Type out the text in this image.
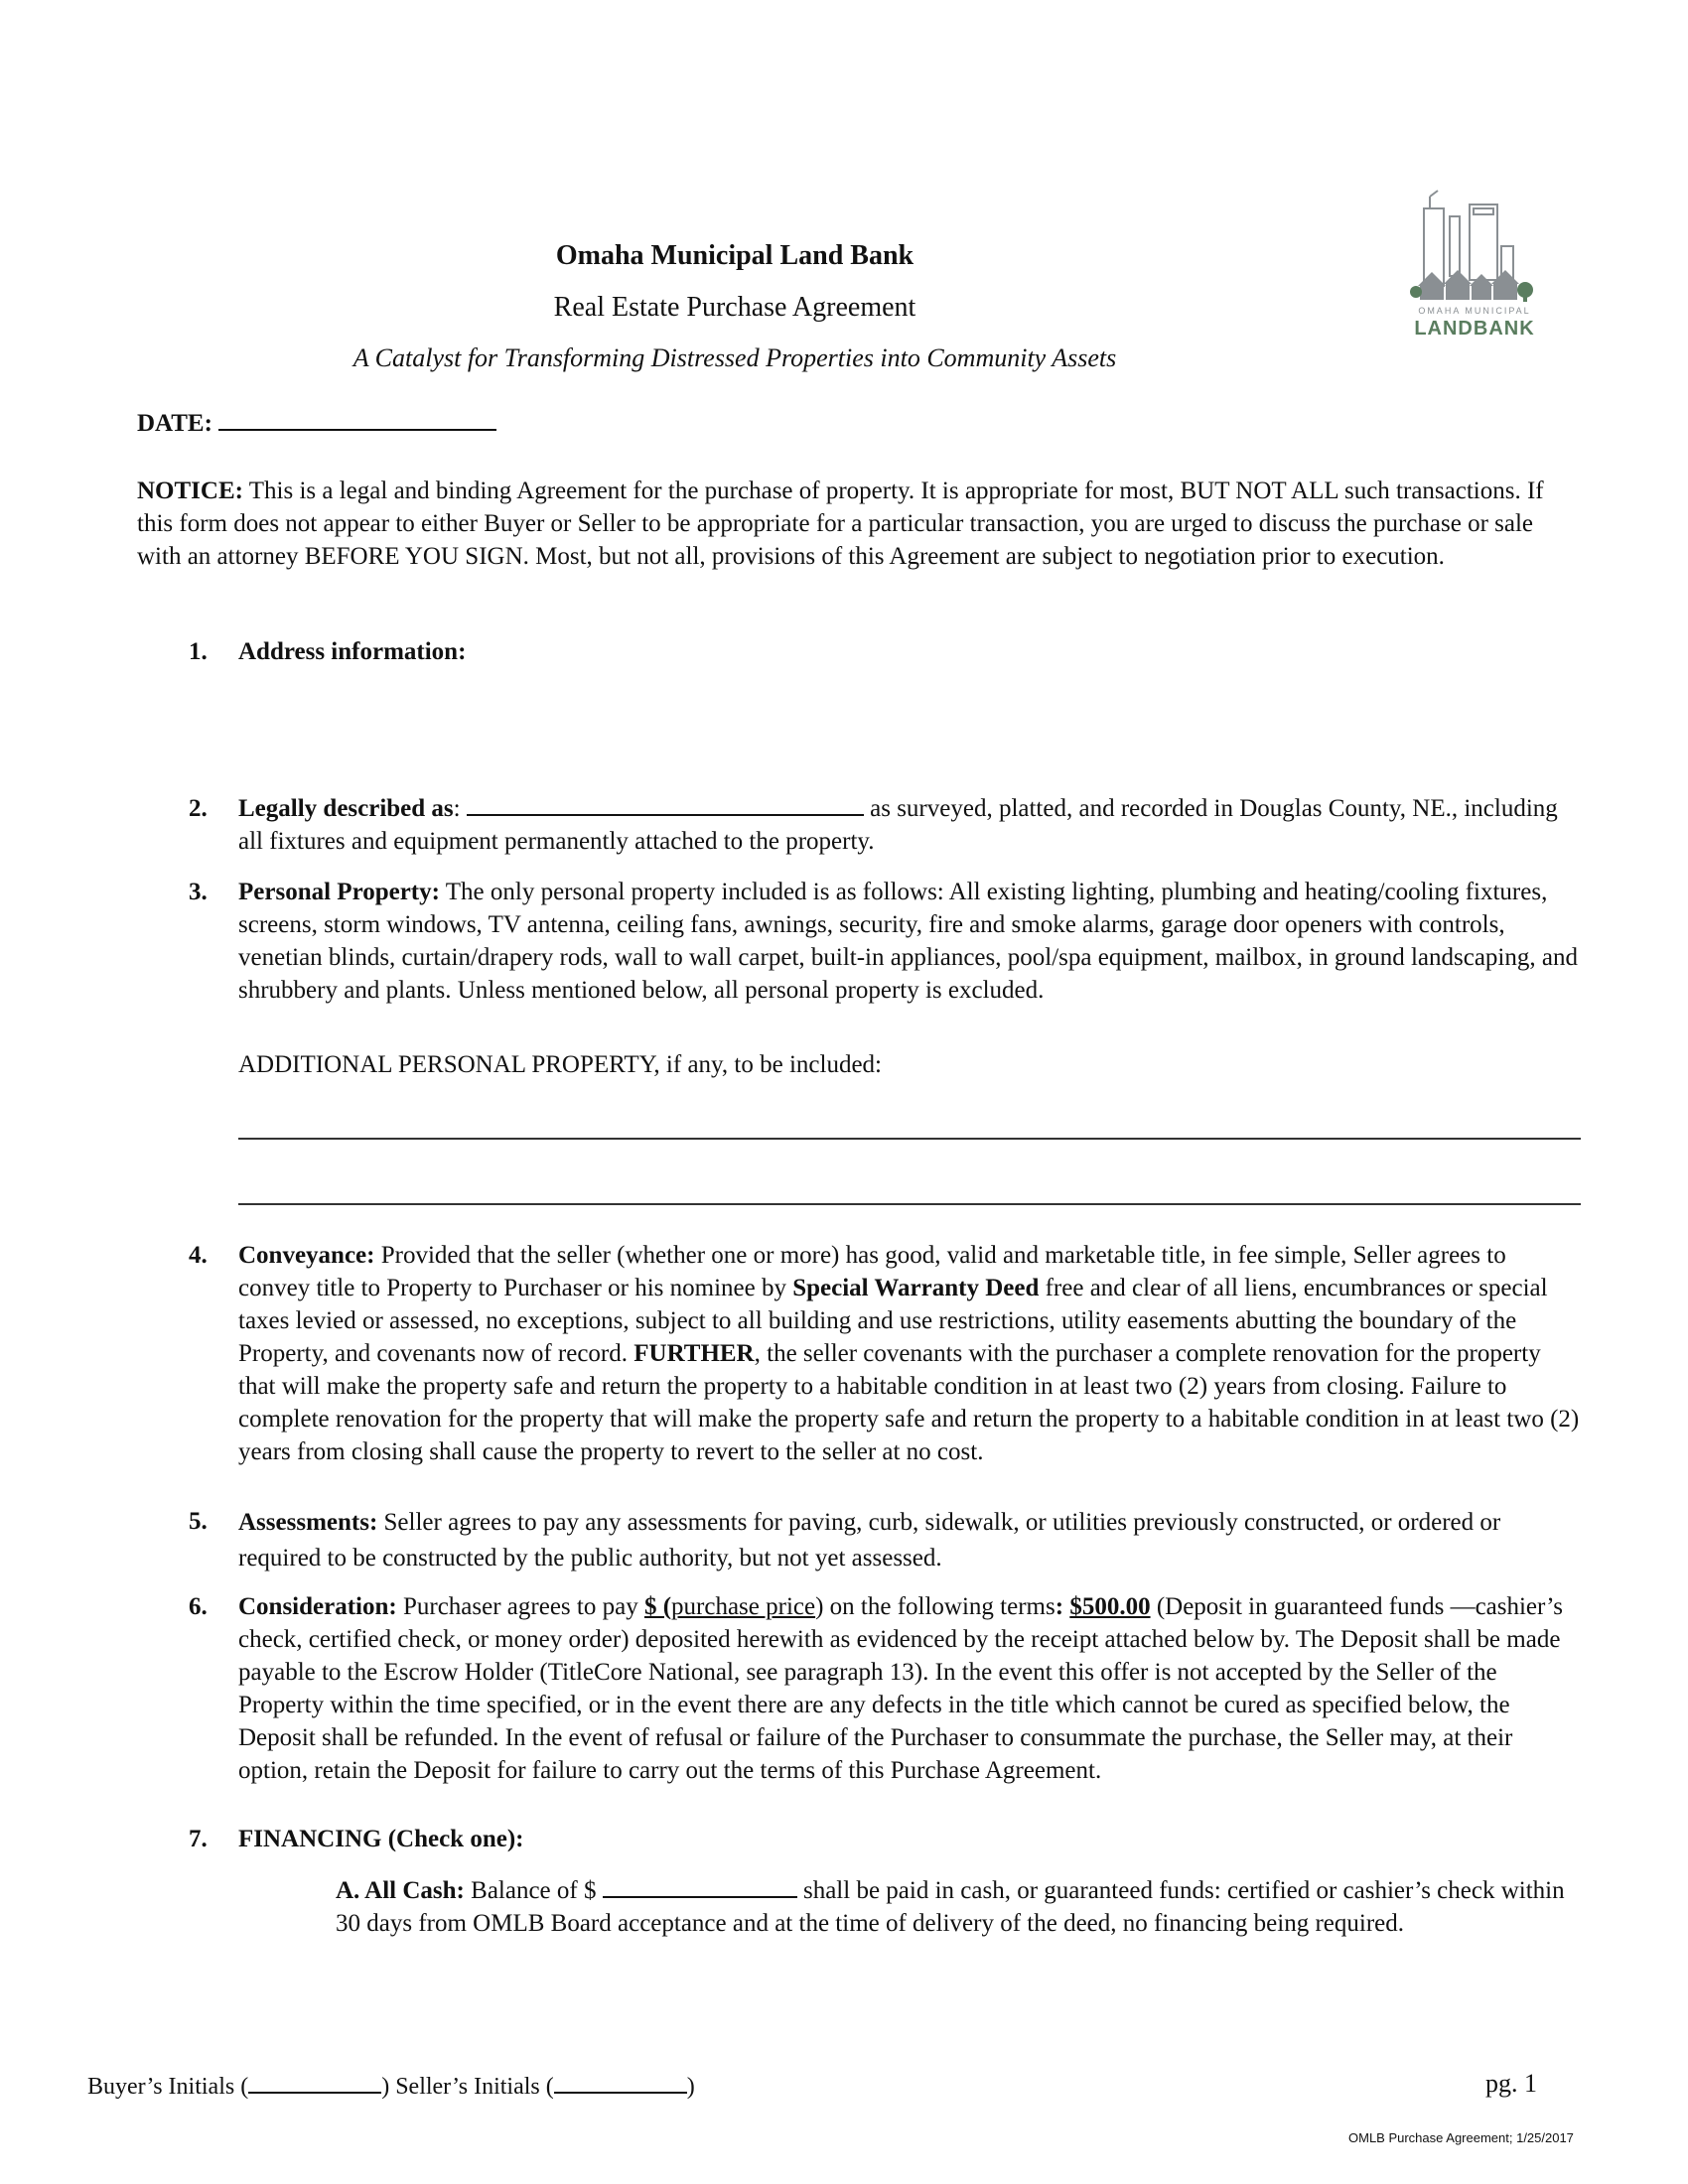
Omaha Municipal Land Bank
Real Estate Purchase Agreement
A Catalyst for Transforming Distressed Properties into Community Assets
OMAHA MUNICIPAL
LANDBANK
DATE:
NOTICE: This is a legal and binding Agreement for the purchase of property. It is appropriate for most, BUT NOT ALL such transactions. If this form does not appear to either Buyer or Seller to be appropriate for a particular transaction, you are urged to discuss the purchase or sale with an attorney BEFORE YOU SIGN. Most, but not all, provisions of this Agreement are subject to negotiation prior to execution.
1. Address information:
2. Legally described as:	as surveyed, platted, and recorded in Douglas County, NE., including all fixtures and equipment permanently attached to the property.
3. Personal Property: The only personal property included is as follows: All existing lighting, plumbing and heating/cooling fixtures, screens, storm windows, TV antenna, ceiling fans, awnings, security, fire and smoke alarms, garage door openers with controls, venetian blinds, curtain/drapery rods, wall to wall carpet, built-in appliances, pool/spa equipment, mailbox, in ground landscaping, and shrubbery and plants. Unless mentioned below, all personal property is excluded.
ADDITIONAL PERSONAL PROPERTY, if any, to be included:
4. Conveyance: Provided that the seller (whether one or more) has good, valid and marketable title, in fee simple, Seller agrees to convey title to Property to Purchaser or his nominee by Special Warranty Deed free and clear of all liens, encumbrances or special taxes levied or assessed, no exceptions, subject to all building and use restrictions, utility easements abutting the boundary of the Property, and covenants now of record. FURTHER, the seller covenants with the purchaser a complete renovation for the property that will make the property safe and return the property to a habitable condition in at least two (2) years from closing. Failure to complete renovation for the property that will make the property safe and return the property to a habitable condition in at least two (2) years from closing shall cause the property to revert to the seller at no cost.
5. Assessments: Seller agrees to pay any assessments for paving, curb, sidewalk, or utilities previously constructed, or ordered or required to be constructed by the public authority, but not yet assessed.
6. Consideration: Purchaser agrees to pay $ (purchase price) on the following terms: $500.00 (Deposit in guaranteed funds —cashier’s check, certified check, or money order) deposited herewith as evidenced by the receipt attached below by. The Deposit shall be made payable to the Escrow Holder (TitleCore National, see paragraph 13). In the event this offer is not accepted by the Seller of the Property within the time specified, or in the event there are any defects in the title which cannot be cured as specified below, the Deposit shall be refunded. In the event of refusal or failure of the Purchaser to consummate the purchase, the Seller may, at their option, retain the Deposit for failure to carry out the terms of this Purchase Agreement.
7. FINANCING (Check one):
A. All Cash: Balance of $	shall be paid in cash, or guaranteed funds: certified or cashier’s check within 30 days from OMLB Board acceptance and at the time of delivery of the deed, no financing being required.
Buyer’s Initials (	) Seller’s Initials (	)	pg. 1
OMLB Purchase Agreement; 1/25/2017
